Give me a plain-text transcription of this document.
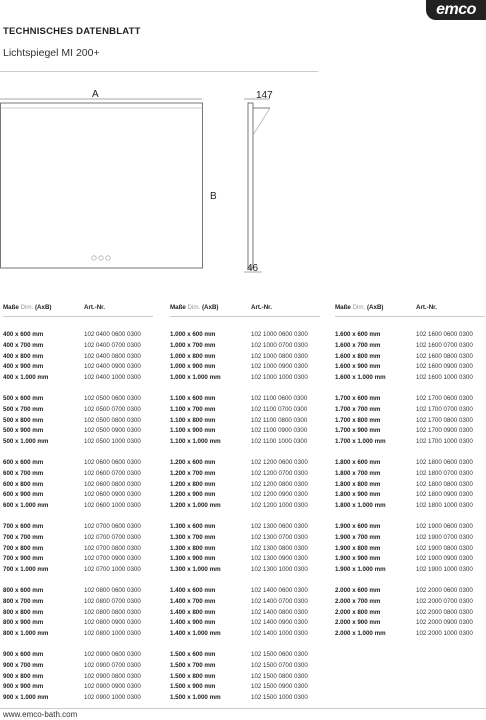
emco
TECHNISCHES DATENBLATT
Lichtspiegel MI 200+
A
B
147
46
Maße Dim. (AxB)	Art.-Nr.
400 x 600 mm	102 0400 0600 0300
400 x 700 mm	102 0400 0700 0300
400 x 800 mm	102 0400 0800 0300
400 x 900 mm	102 0400 0900 0300
400 x 1.000 mm	102 0400 1000 0300
500 x 600 mm	102 0500 0600 0300
500 x 700 mm	102 0500 0700 0300
500 x 800 mm	102 0500 0800 0300
500 x 900 mm	102 0500 0900 0300
500 x 1.000 mm	102 0500 1000 0300
600 x 600 mm	102 0600 0600 0300
600 x 700 mm	102 0600 0700 0300
600 x 800 mm	102 0600 0800 0300
600 x 900 mm	102 0600 0900 0300
600 x 1.000 mm	102 0600 1000 0300
700 x 600 mm	102 0700 0600 0300
700 x 700 mm	102 0700 0700 0300
700 x 800 mm	102 0700 0800 0300
700 x 900 mm	102 0700 0900 0300
700 x 1.000 mm	102 0700 1000 0300
800 x 600 mm	102 0800 0600 0300
800 x 700 mm	102 0800 0700 0300
800 x 800 mm	102 0800 0800 0300
800 x 900 mm	102 0800 0900 0300
800 x 1.000 mm	102 0800 1000 0300
900 x 600 mm	102 0900 0600 0300
900 x 700 mm	102 0900 0700 0300
900 x 800 mm	102 0900 0800 0300
900 x 900 mm	102 0900 0900 0300
900 x 1.000 mm	102 0900 1000 0300
Maße Dim. (AxB)	Art.-Nr.
1.000 x 600 mm	102 1000 0600 0300
1.000 x 700 mm	102 1000 0700 0300
1.000 x 800 mm	102 1000 0800 0300
1.000 x 900 mm	102 1000 0900 0300
1.000 x 1.000 mm	102 1000 1000 0300
1.100 x 600 mm	102 1100 0600 0300
1.100 x 700 mm	102 1100 0700 0300
1.100 x 800 mm	102 1100 0800 0300
1.100 x 900 mm	102 1100 0900 0300
1.100 x 1.000 mm	102 1100 1000 0300
1.200 x 600 mm	102 1200 0600 0300
1.200 x 700 mm	102 1200 0700 0300
1.200 x 800 mm	102 1200 0800 0300
1.200 x 900 mm	102 1200 0900 0300
1.200 x 1.000 mm	102 1200 1000 0300
1.300 x 600 mm	102 1300 0600 0300
1.300 x 700 mm	102 1300 0700 0300
1.300 x 800 mm	102 1300 0800 0300
1.300 x 900 mm	102 1300 0900 0300
1.300 x 1.000 mm	102 1300 1000 0300
1.400 x 600 mm	102 1400 0600 0300
1.400 x 700 mm	102 1400 0700 0300
1.400 x 800 mm	102 1400 0800 0300
1.400 x 900 mm	102 1400 0900 0300
1.400 x 1.000 mm	102 1400 1000 0300
1.500 x 600 mm	102 1500 0600 0300
1.500 x 700 mm	102 1500 0700 0300
1.500 x 800 mm	102 1500 0800 0300
1.500 x 900 mm	102 1500 0900 0300
1.500 x 1.000 mm	102 1500 1000 0300
Maße Dim. (AxB)	Art.-Nr.
1.600 x 600 mm	102 1600 0600 0300
1.600 x 700 mm	102 1600 0700 0300
1.600 x 800 mm	102 1600 0800 0300
1.600 x 900 mm	102 1600 0900 0300
1.600 x 1.000 mm	102 1600 1000 0300
1.700 x 600 mm	102 1700 0600 0300
1.700 x 700 mm	102 1700 0700 0300
1.700 x 800 mm	102 1700 0800 0300
1.700 x 900 mm	102 1700 0900 0300
1.700 x 1.000 mm	102 1700 1000 0300
1.800 x 600 mm	102 1800 0600 0300
1.800 x 700 mm	102 1800 0700 0300
1.800 x 800 mm	102 1800 0800 0300
1.800 x 900 mm	102 1800 0900 0300
1.800 x 1.000 mm	102 1800 1000 0300
1.900 x 600 mm	102 1900 0600 0300
1.900 x 700 mm	102 1900 0700 0300
1.900 x 800 mm	102 1900 0800 0300
1.900 x 900 mm	102 1900 0900 0300
1.900 x 1.000 mm	102 1900 1000 0300
2.000 x 600 mm	102 2000 0600 0300
2.000 x 700 mm	102 2000 0700 0300
2.000 x 800 mm	102 2000 0800 0300
2.000 x 900 mm	102 2000 0900 0300
2.000 x 1.000 mm	102 2000 1000 0300
www.emco-bath.com
